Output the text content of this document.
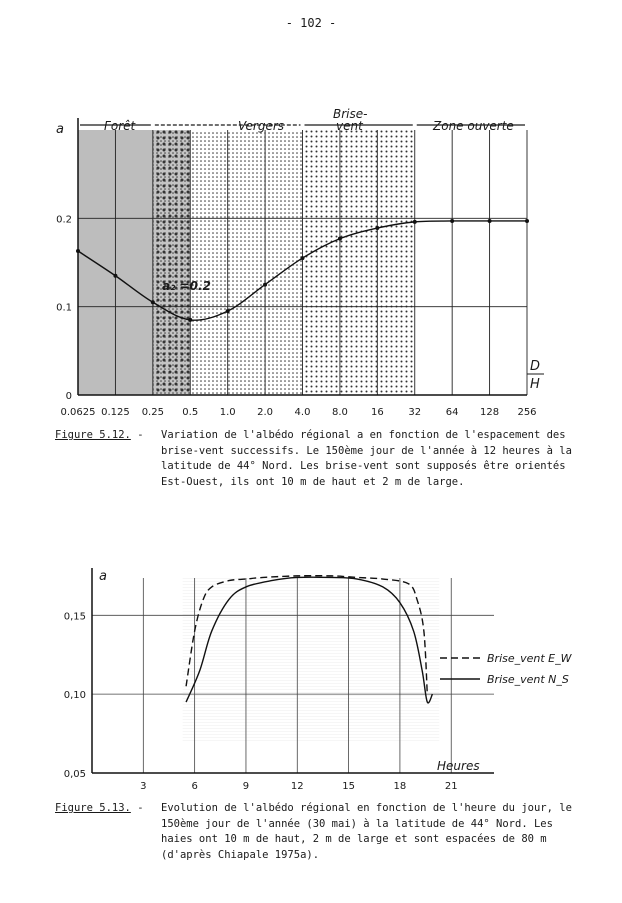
- 102 -
0.0625 0.125 0.25 0.5 1.0 2.0 4.0 8.0 16 32 64 128 256
0
0.1
0.2
a	Forêt	Vergers
Brise-
vent	Zone ouverte
a₂ =0.2
D
H
Figure 5.12. - Variation de l'albédo régional a en fonction de l'espacement des brise-vent successifs. Le 150ème jour de l'année à 12 heures à la latitude de 44° Nord. Les brise-vent sont supposés être orientés Est-Ouest, ils ont 10 m de haut et 2 m de large.
3	6	9	12	15	18	21
0,05
0,10
0,15
Brise_vent E_W
Brise_vent N_S
a
Heures
Figure 5.13. - Evolution de l'albédo régional en fonction de l'heure du jour, le 150ème jour de l'année (30 mai) à la latitude de 44° Nord. Les haies ont 10 m de haut, 2 m de large et sont espacées de 80 m (d'après Chiapale 1975a).
